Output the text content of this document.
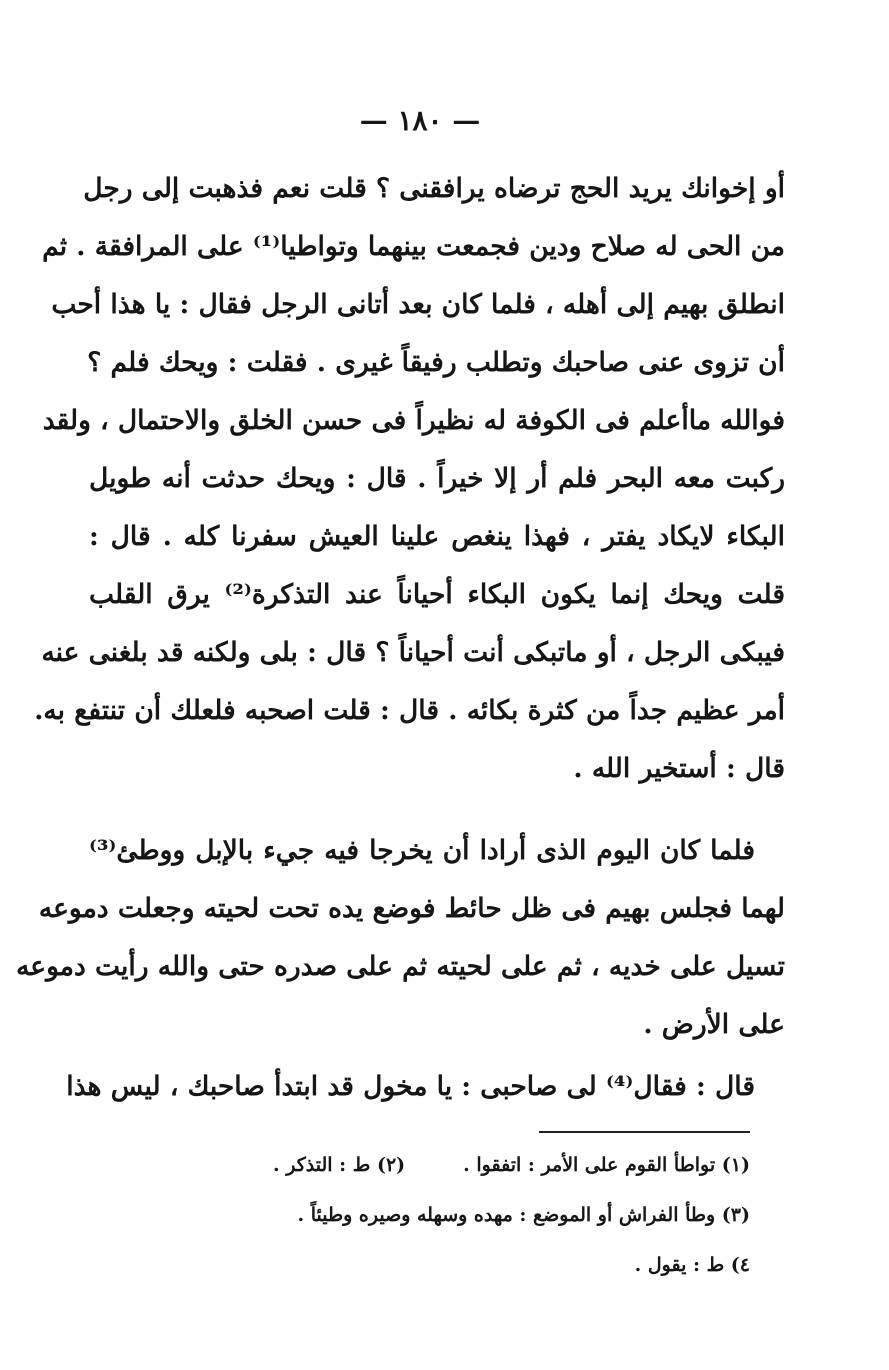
— ١٨٠ —
أو إخوانك يريد الحج ترضاه يرافقنى ؟ قلت نعم فذهبت إلى رجل
من الحى له صلاح ودين فجمعت بينهما وتواطيا⁽¹⁾ على المرافقة . ثم
انطلق بهيم إلى أهله ، فلما كان بعد أتانى الرجل فقال : يا هذا أحب
أن تزوى عنى صاحبك وتطلب رفيقاً غيرى . فقلت : ويحك فلم ؟
فوالله ماأعلم فى الكوفة له نظيراً فى حسن الخلق والاحتمال ، ولقد
ركبت معه البحر فلم أر إلا خيراً . قال : ويحك حدثت أنه طويل
البكاء لايكاد يفتر ، فهذا ينغص علينا العيش سفرنا كله . قال :
قلت ويحك إنما يكون البكاء أحياناً عند التذكرة⁽²⁾ يرق القلب
فيبكى الرجل ، أو ماتبكى أنت أحياناً ؟ قال : بلى ولكنه قد بلغنى عنه
أمر عظيم جداً من كثرة بكائه . قال : قلت اصحبه فلعلك أن تنتفع به.
قال : أستخير الله .
فلما كان اليوم الذى أرادا أن يخرجا فيه جيء بالإبل ووطئ⁽³⁾
لهما فجلس بهيم فى ظل حائط فوضع يده تحت لحيته وجعلت دموعه
تسيل على خديه ، ثم على لحيته ثم على صدره حتى والله رأيت دموعه
على الأرض .
قال : فقال⁽⁴⁾ لى صاحبى : يا مخول قد ابتدأ صاحبك ، ليس هذا
(١) تواطأ القوم على الأمر : اتفقوا .
(٢) ط : التذكر .
(٣) وطأ الفراش أو الموضع : مهده وسهله وصيره وطيئاً .
٤) ط : يقول .
